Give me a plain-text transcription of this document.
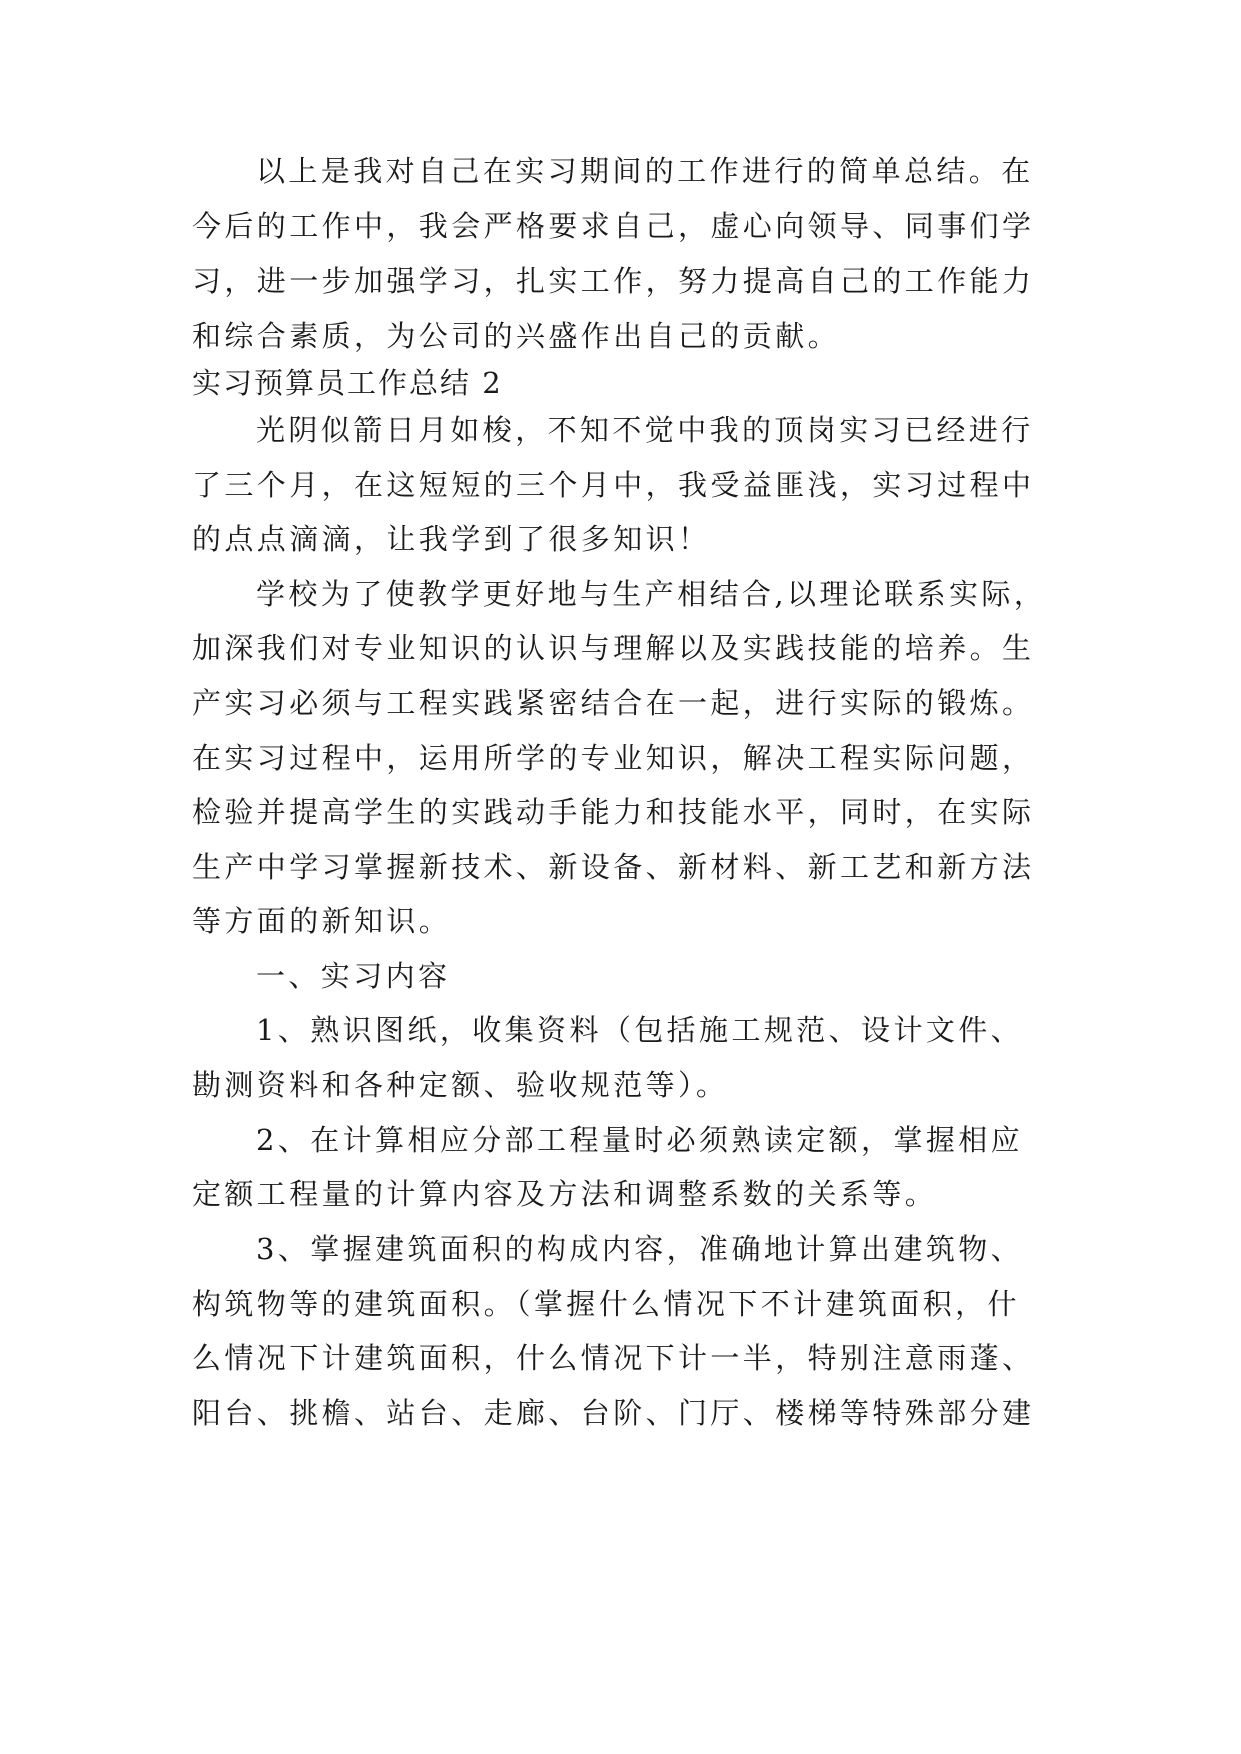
以上是我对自己在实习期间的工作进行的简单总结。在
今后的工作中，我会严格要求自己，虚心向领导、同事们学
习，进一步加强学习，扎实工作，努力提高自己的工作能力
和综合素质，为公司的兴盛作出自己的贡献。
实习预算员工作总结 2
光阴似箭日月如梭，不知不觉中我的顶岗实习已经进行
了三个月，在这短短的三个月中，我受益匪浅，实习过程中
的点点滴滴，让我学到了很多知识！
学校为了使教学更好地与生产相结合,以理论联系实际，
加深我们对专业知识的认识与理解以及实践技能的培养。生
产实习必须与工程实践紧密结合在一起，进行实际的锻炼。
在实习过程中，运用所学的专业知识，解决工程实际问题，
检验并提高学生的实践动手能力和技能水平，同时，在实际
生产中学习掌握新技术、新设备、新材料、新工艺和新方法
等方面的新知识。
一、实习内容
1、熟识图纸，收集资料（包括施工规范、设计文件、
勘测资料和各种定额、验收规范等）。
2、在计算相应分部工程量时必须熟读定额，掌握相应
定额工程量的计算内容及方法和调整系数的关系等。
3、掌握建筑面积的构成内容，准确地计算出建筑物、
构筑物等的建筑面积。（掌握什么情况下不计建筑面积，什
么情况下计建筑面积，什么情况下计一半，特别注意雨蓬、
阳台、挑檐、站台、走廊、台阶、门厅、楼梯等特殊部分建
